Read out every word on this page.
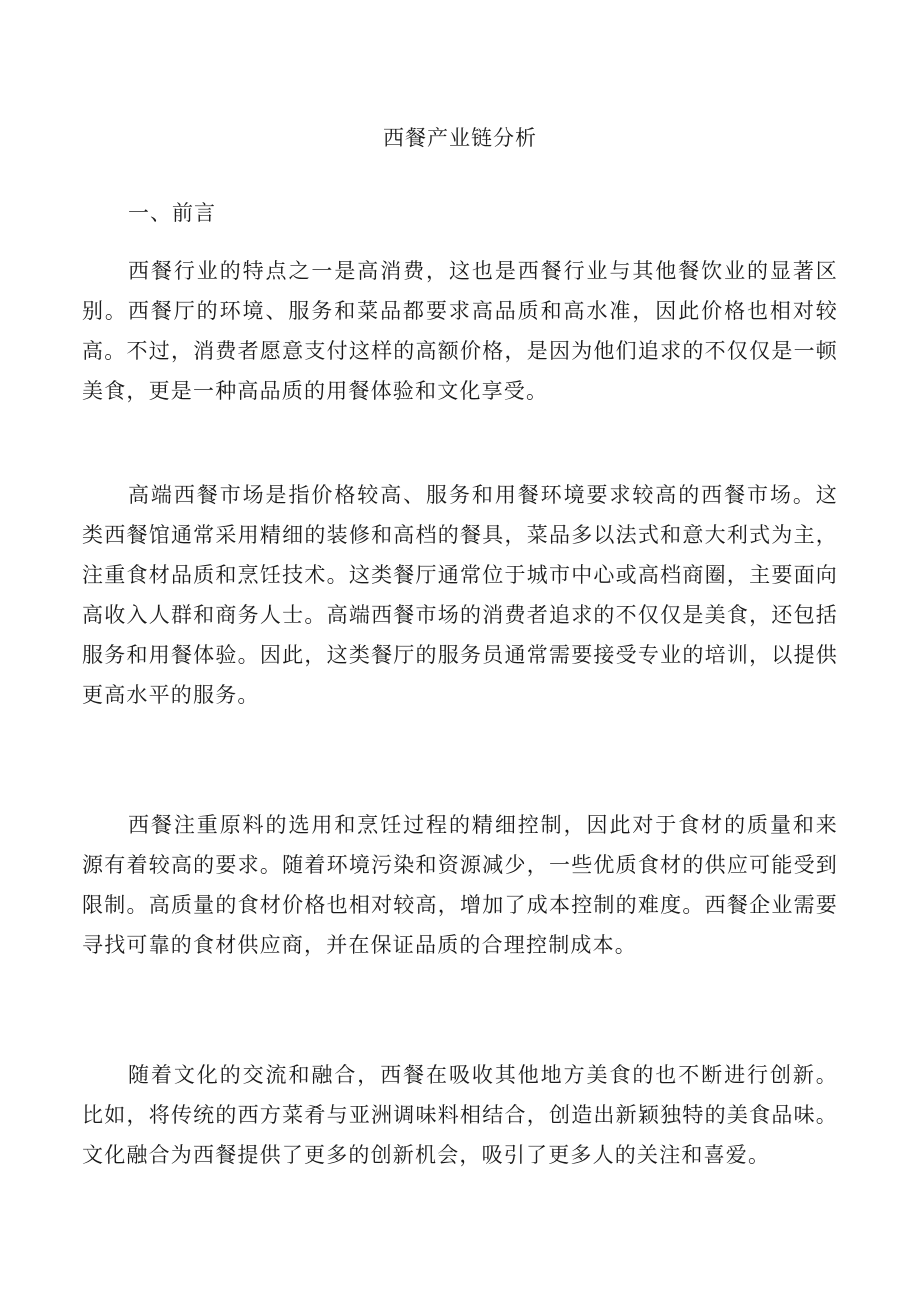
西餐产业链分析
一、前言

西餐行业的特点之一是高消费，这也是西餐行业与其他餐饮业的显著区别。西餐厅的环境、服务和菜品都要求高品质和高水准，因此价格也相对较高。不过，消费者愿意支付这样的高额价格，是因为他们追求的不仅仅是一顿美食，更是一种高品质的用餐体验和文化享受。

高端西餐市场是指价格较高、服务和用餐环境要求较高的西餐市场。这类西餐馆通常采用精细的装修和高档的餐具，菜品多以法式和意大利式为主，注重食材品质和烹饪技术。这类餐厅通常位于城市中心或高档商圈，主要面向高收入人群和商务人士。高端西餐市场的消费者追求的不仅仅是美食，还包括服务和用餐体验。因此，这类餐厅的服务员通常需要接受专业的培训，以提供更高水平的服务。

西餐注重原料的选用和烹饪过程的精细控制，因此对于食材的质量和来源有着较高的要求。随着环境污染和资源减少，一些优质食材的供应可能受到限制。高质量的食材价格也相对较高，增加了成本控制的难度。西餐企业需要寻找可靠的食材供应商，并在保证品质的合理控制成本。

随着文化的交流和融合，西餐在吸收其他地方美食的也不断进行创新。比如，将传统的西方菜肴与亚洲调味料相结合，创造出新颖独特的美食品味。文化融合为西餐提供了更多的创新机会，吸引了更多人的关注和喜爱。
